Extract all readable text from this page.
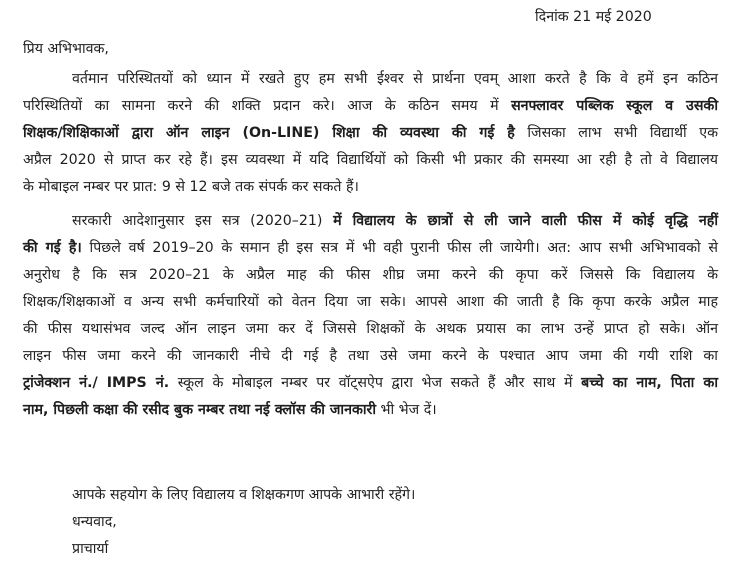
दिनांक 21 मई 2020
प्रिय अभिभावक,
वर्तमान परिस्थितयों को ध्यान में रखते हुए हम सभी ईश्वर से प्रार्थना एवम् आशा करते है कि वे हमें इन कठिन
परिस्थितियों का सामना करने की शक्ति प्रदान करे। आज के कठिन समय में सनफ्लावर पब्लिक स्कूल व उसकी
शिक्षक/शिक्षिकाओं द्वारा ऑन लाइन (On-LINE) शिक्षा की व्यवस्था की गई है जिसका लाभ सभी विद्यार्थी एक
अप्रैल 2020 से प्राप्त कर रहे हैं। इस व्यवस्था में यदि विद्यार्थियों को किसी भी प्रकार की समस्या आ रही है तो वे विद्यालय
के मोबाइल नम्बर पर प्रात: 9 से 12 बजे तक संपर्क कर सकते हैं।
सरकारी आदेशानुसार इस सत्र (2020–21) में विद्यालय के छात्रों से ली जाने वाली फीस में कोई वृद्धि नहीं
की गई है। पिछले वर्ष 2019–20 के समान ही इस सत्र में भी वही पुरानी फीस ली जायेगी। अत: आप सभी अभिभावको से
अनुरोध है कि सत्र 2020–21 के अप्रैल माह की फीस शीघ्र जमा करने की कृपा करें जिससे कि विद्यालय के
शिक्षक/शिक्षकाओं व अन्य सभी कर्मचारियों को वेतन दिया जा सके। आपसे आशा की जाती है कि कृपा करके अप्रैल माह
की फीस यथासंभव जल्द ऑन लाइन जमा कर दें जिससे शिक्षकों के अथक प्रयास का लाभ उन्हें प्राप्त हो सके। ऑन
लाइन फीस जमा करने की जानकारी नीचे दी गई है तथा उसे जमा करने के पश्चात आप जमा की गयी राशि का
ट्रांजेक्शन नं./ IMPS नं. स्कूल के मोबाइल नम्बर पर वॉट्सऐप द्वारा भेज सकते हैं और साथ में बच्चे का नाम, पिता का
नाम, पिछली कक्षा की रसीद बुक नम्बर तथा नई क्लॉस की जानकारी भी भेज दें।
आपके सहयोग के लिए विद्यालय व शिक्षकगण आपके आभारी रहेंगे।
धन्यवाद,
प्राचार्या
